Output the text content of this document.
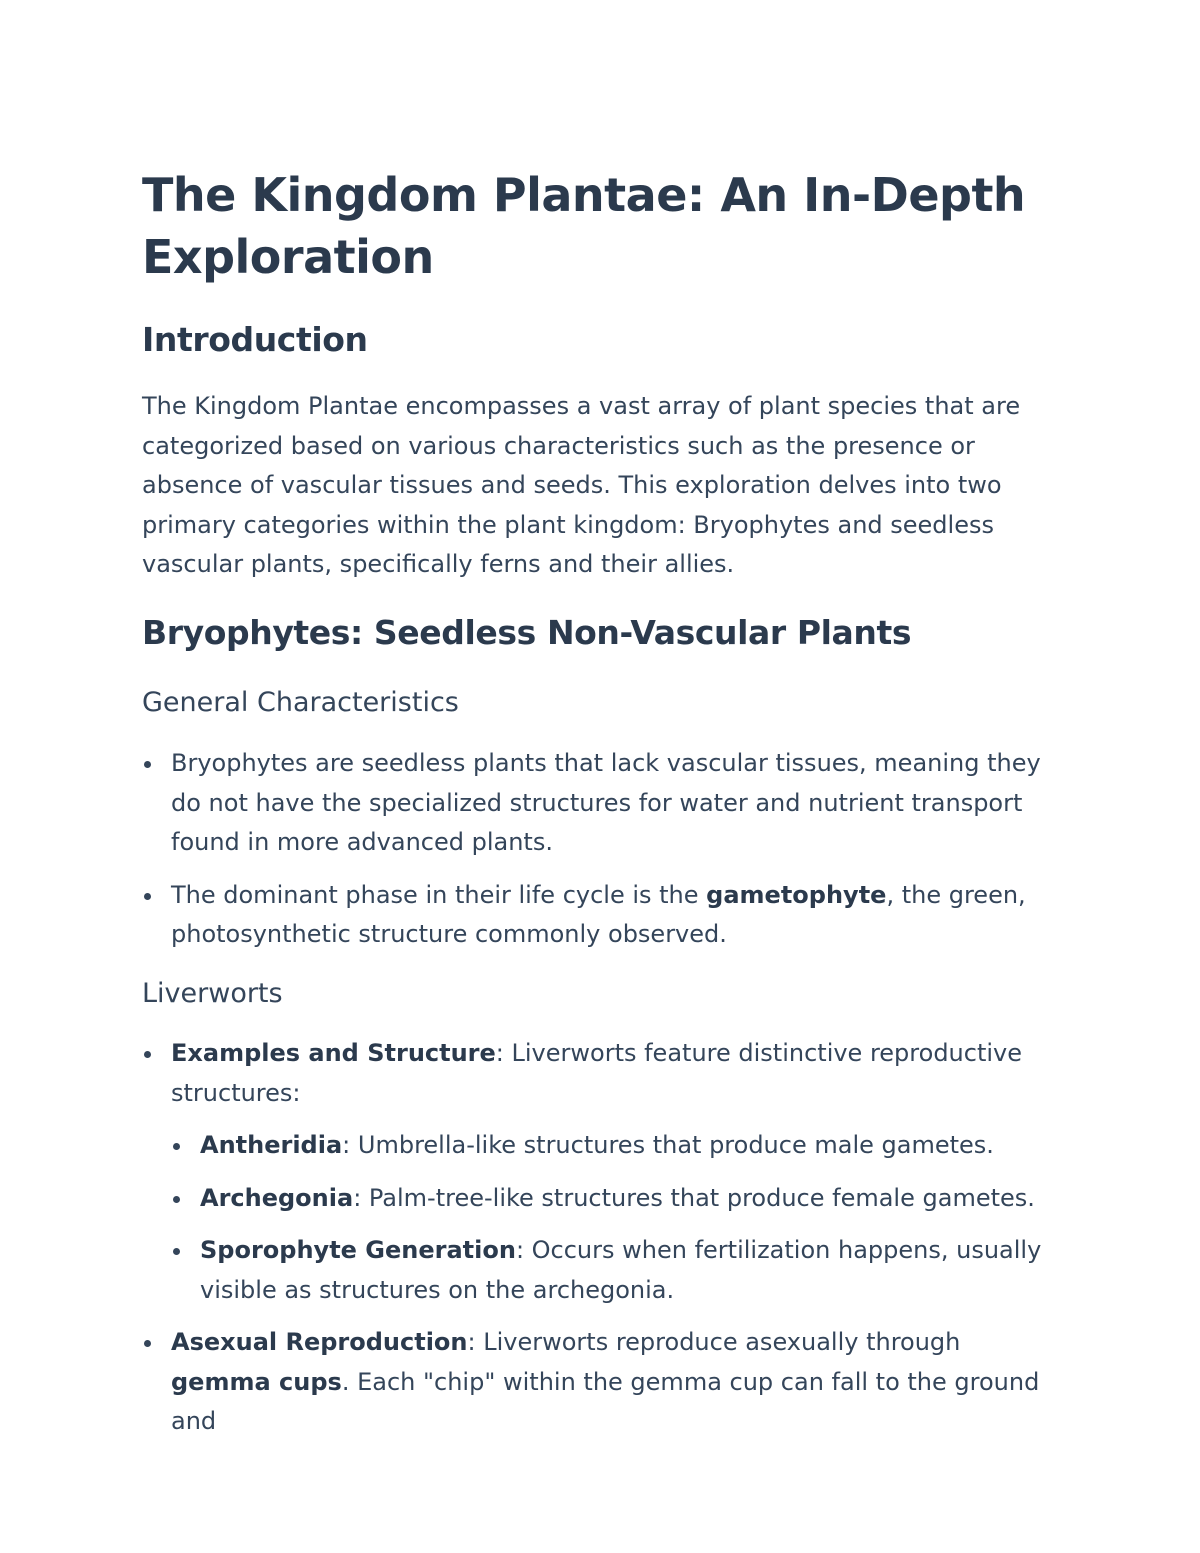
The Kingdom Plantae: An In-Depth Exploration
Introduction

The Kingdom Plantae encompasses a vast array of plant species that are categorized based on various characteristics such as the presence or absence of vascular tissues and seeds. This exploration delves into two primary categories within the plant kingdom: Bryophytes and seedless vascular plants, specifically ferns and their allies.

Bryophytes: Seedless Non-Vascular Plants
General Characteristics
Bryophytes are seedless plants that lack vascular tissues, meaning they do not have the specialized structures for water and nutrient transport found in more advanced plants.
The dominant phase in their life cycle is the gametophyte, the green, photosynthetic structure commonly observed.
Liverworts
Examples and Structure: Liverworts feature distinctive reproductive structures:
Antheridia: Umbrella-like structures that produce male gametes.
Archegonia: Palm-tree-like structures that produce female gametes.
Sporophyte Generation: Occurs when fertilization happens, usually visible as structures on the archegonia.
Asexual Reproduction: Liverworts reproduce asexually through gemma cups. Each "chip" within the gemma cup can fall to the ground and
